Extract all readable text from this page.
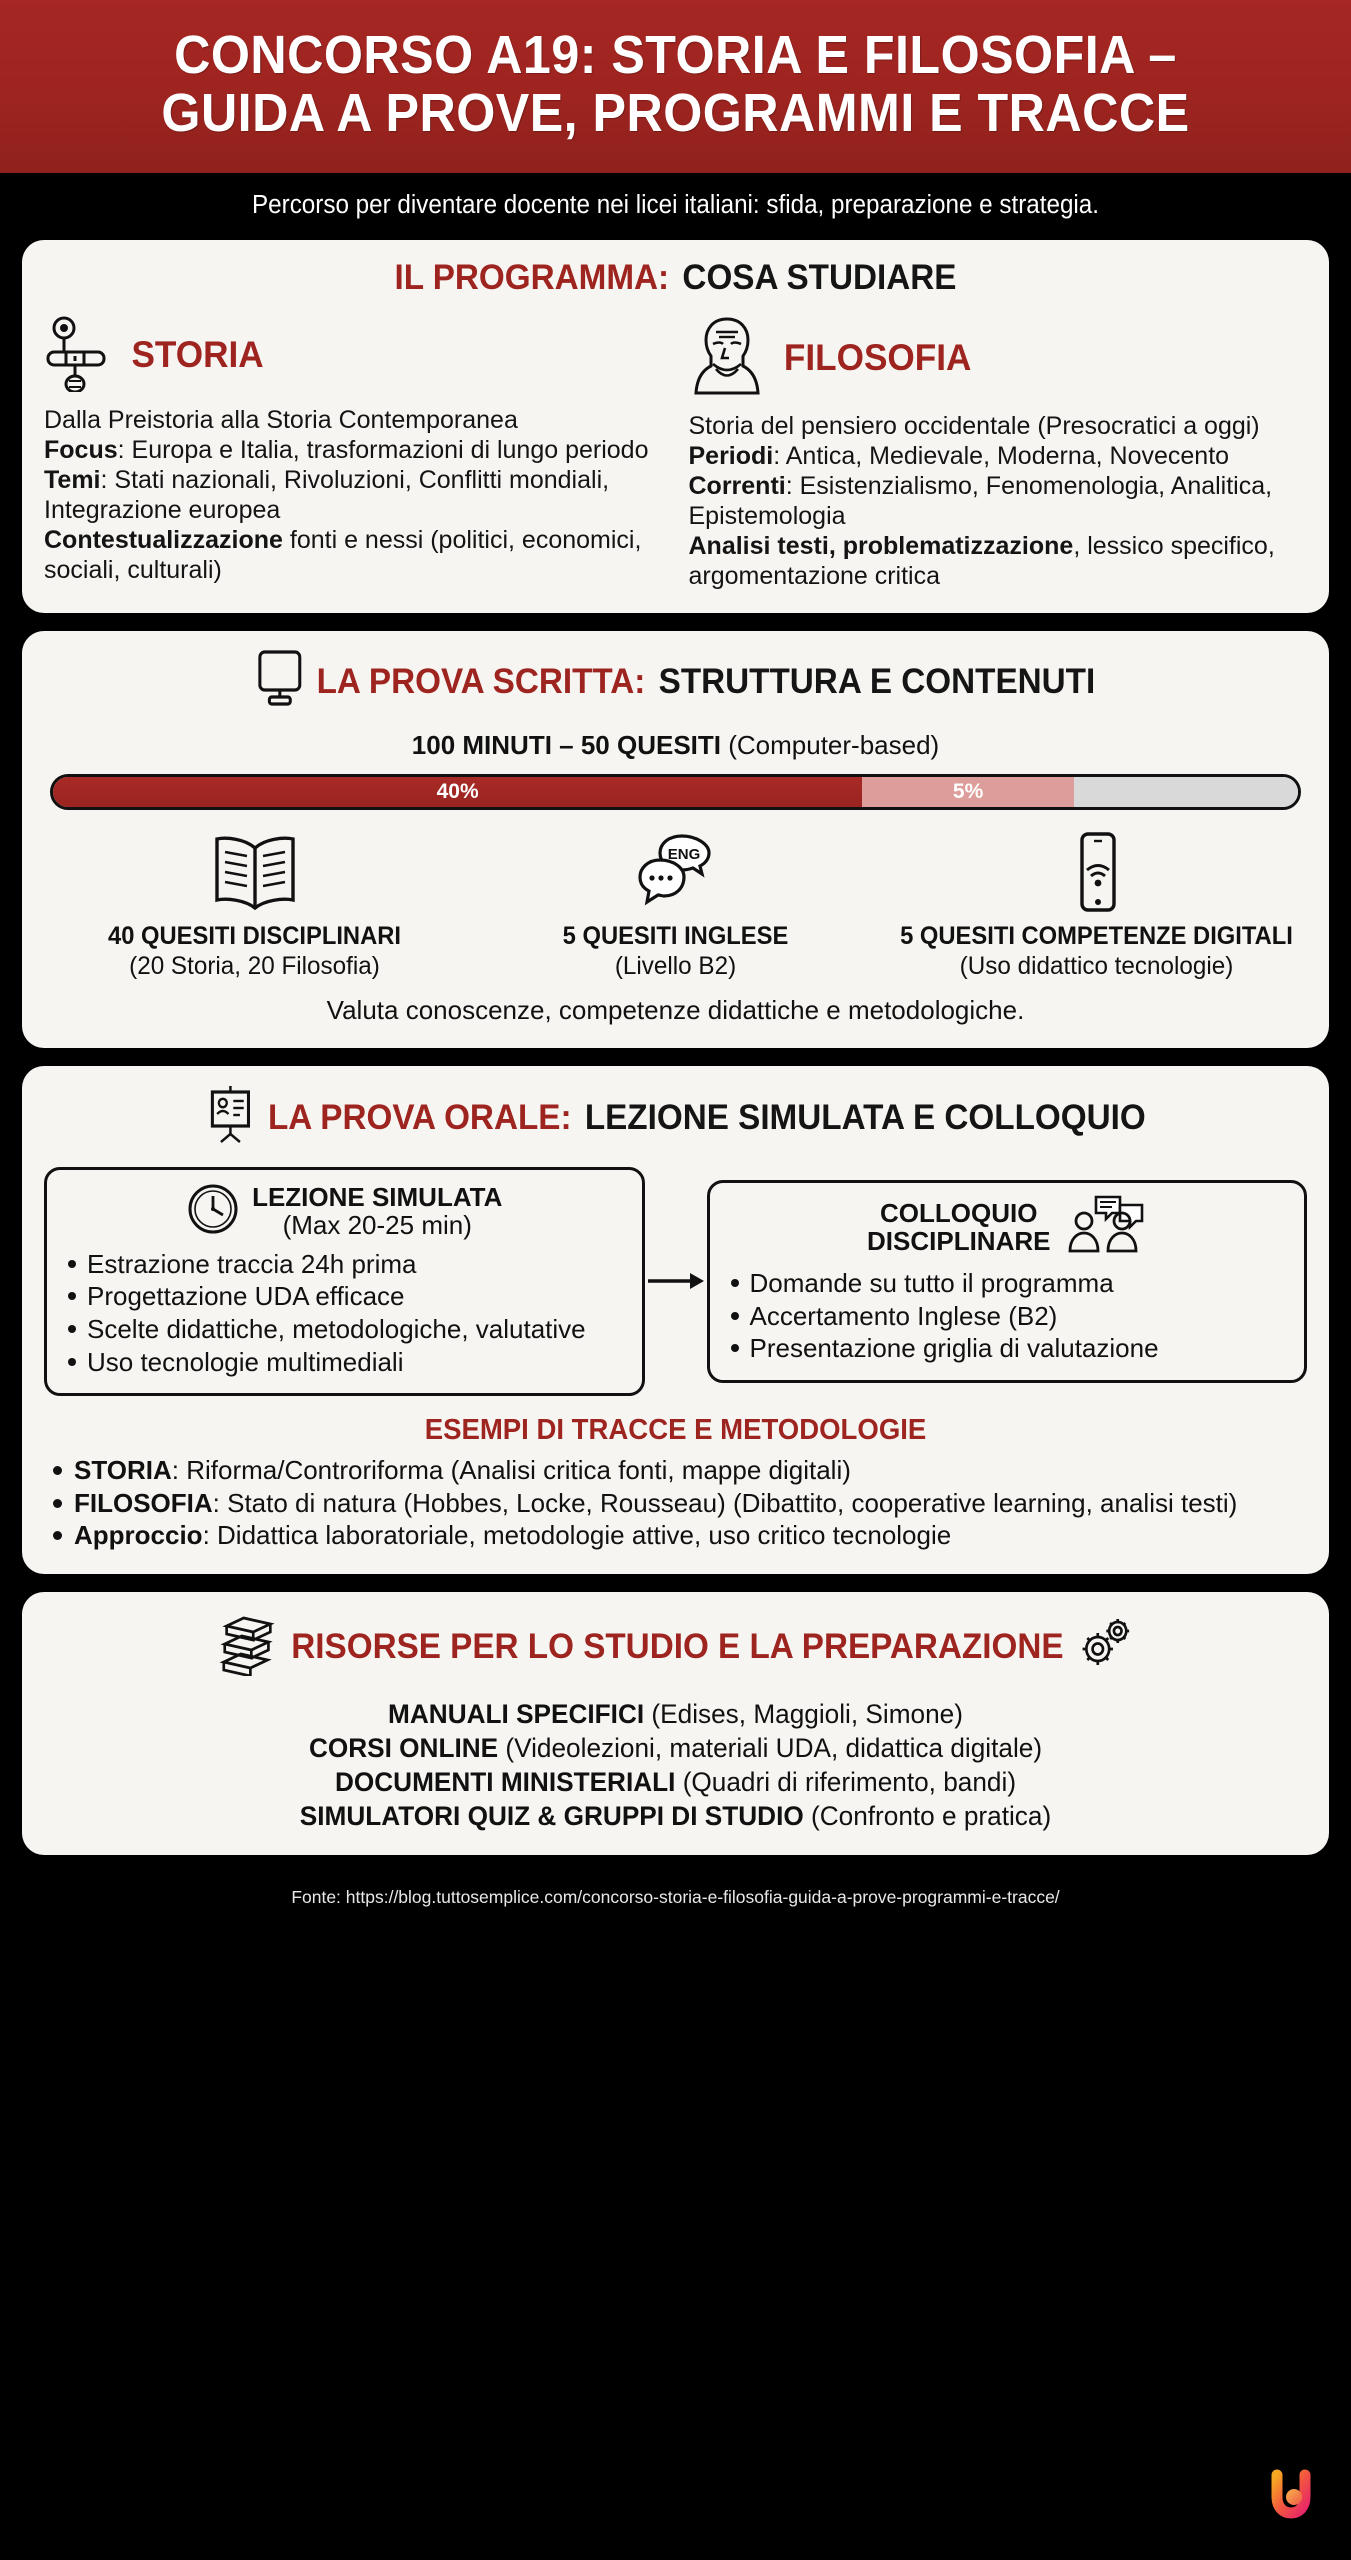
CONCORSO A19: STORIA E FILOSOFIA –
GUIDA A PROVE, PROGRAMMI E TRACCE
Percorso per diventare docente nei licei italiani: sfida, preparazione e strategia.
IL PROGRAMMA: COSA STUDIARE
STORIA
Dalla Preistoria alla Storia Contemporanea
Focus: Europa e Italia, trasformazioni di lungo periodo
Temi: Stati nazionali, Rivoluzioni, Conflitti mondiali, Integrazione europea
Contestualizzazione fonti e nessi (politici, economici, sociali, culturali)
FILOSOFIA
Storia del pensiero occidentale (Presocratici a oggi)
Periodi: Antica, Medievale, Moderna, Novecento
Correnti: Esistenzialismo, Fenomenologia, Analitica, Epistemologia
Analisi testi, problematizzazione, lessico specifico, argomentazione critica
LA PROVA SCRITTA: STRUTTURA E CONTENUTI
100 MINUTI – 50 QUESITI (Computer-based)
40%	5%
40 QUESITI DISCIPLINARI
(20 Storia, 20 Filosofia)
ENG
5 QUESITI INGLESE
(Livello B2)
5 QUESITI COMPETENZE DIGITALI
(Uso didattico tecnologie)
Valuta conoscenze, competenze didattiche e metodologiche.
LA PROVA ORALE: LEZIONE SIMULATA E COLLOQUIO
LEZIONE SIMULATA
(Max 20-25 min)
Estrazione traccia 24h prima
Progettazione UDA efficace
Scelte didattiche, metodologiche, valutative
Uso tecnologie multimediali
COLLOQUIO
DISCIPLINARE
Domande su tutto il programma
Accertamento Inglese (B2)
Presentazione griglia di valutazione
ESEMPI DI TRACCE E METODOLOGIE
STORIA: Riforma/Controriforma (Analisi critica fonti, mappe digitali)
FILOSOFIA: Stato di natura (Hobbes, Locke, Rousseau) (Dibattito, cooperative learning, analisi testi)
Approccio: Didattica laboratoriale, metodologie attive, uso critico tecnologie
RISORSE PER LO STUDIO E LA PREPARAZIONE
MANUALI SPECIFICI (Edises, Maggioli, Simone)
CORSI ONLINE (Videolezioni, materiali UDA, didattica digitale)
DOCUMENTI MINISTERIALI (Quadri di riferimento, bandi)
SIMULATORI QUIZ & GRUPPI DI STUDIO (Confronto e pratica)
Fonte: https://blog.tuttosemplice.com/concorso-storia-e-filosofia-guida-a-prove-programmi-e-tracce/
